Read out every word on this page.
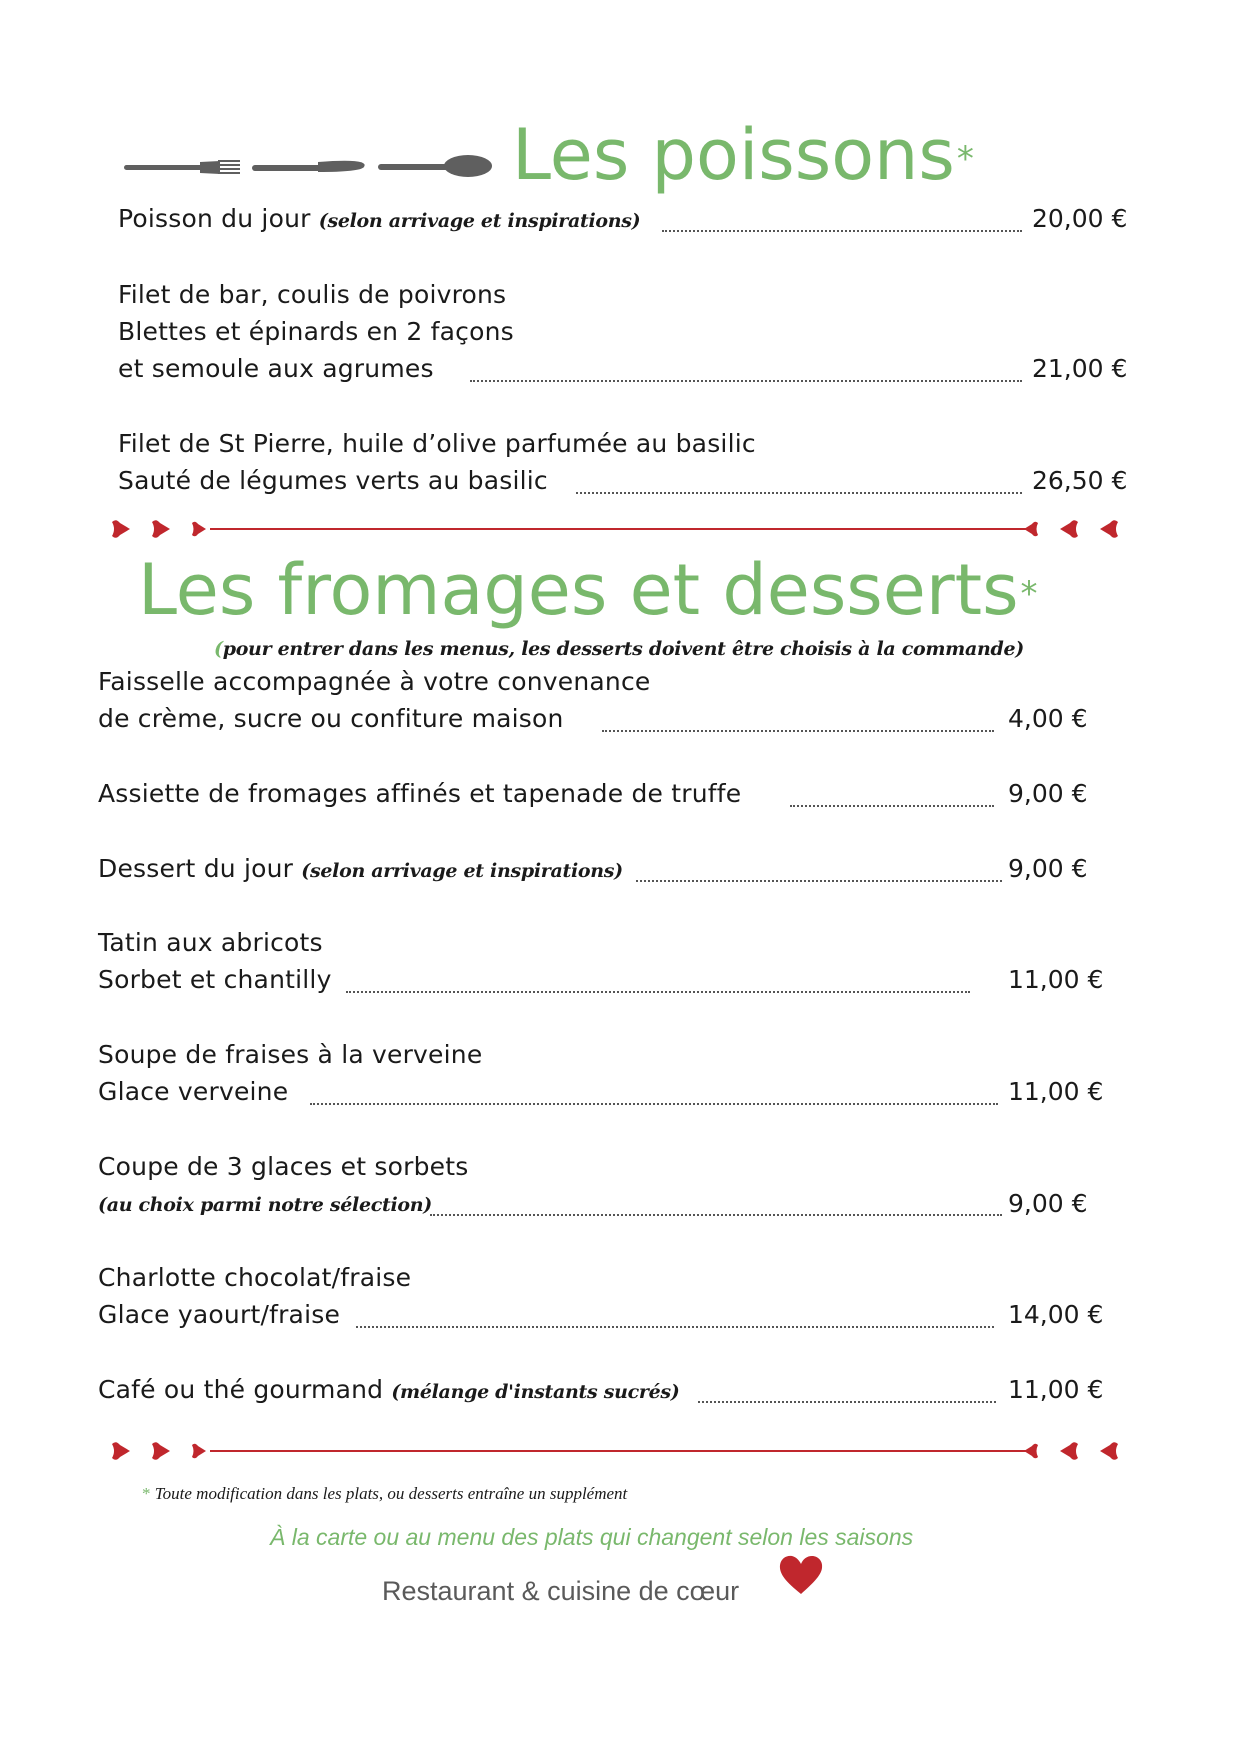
Les poissons*
Poisson du jour (selon arrivage et inspirations)	20,00 €
Filet de bar, coulis de poivrons
Blettes et épinards en 2 façons
et semoule aux agrumes	21,00 €
Filet de St Pierre, huile d’olive parfumée au basilic
Sauté de légumes verts au basilic	26,50 €
Les fromages et desserts*
(pour entrer dans les menus, les desserts doivent être choisis à la commande)
Faisselle accompagnée à votre convenance
de crème, sucre ou confiture maison	4,00 €
Assiette de fromages affinés et tapenade de truffe	9,00 €
Dessert du jour (selon arrivage et inspirations)	9,00 €
Tatin aux abricots
Sorbet et chantilly	11,00 €
Soupe de fraises à la verveine
Glace verveine	11,00 €
Coupe de 3 glaces et sorbets
(au choix parmi notre sélection)	9,00 €
Charlotte chocolat/fraise
Glace yaourt/fraise	14,00 €
Café ou thé gourmand (mélange d'instants sucrés)	11,00 €
* Toute modification dans les plats, ou desserts entraîne un supplément
À la carte ou au menu des plats qui changent selon les saisons
Restaurant & cuisine de cœur
